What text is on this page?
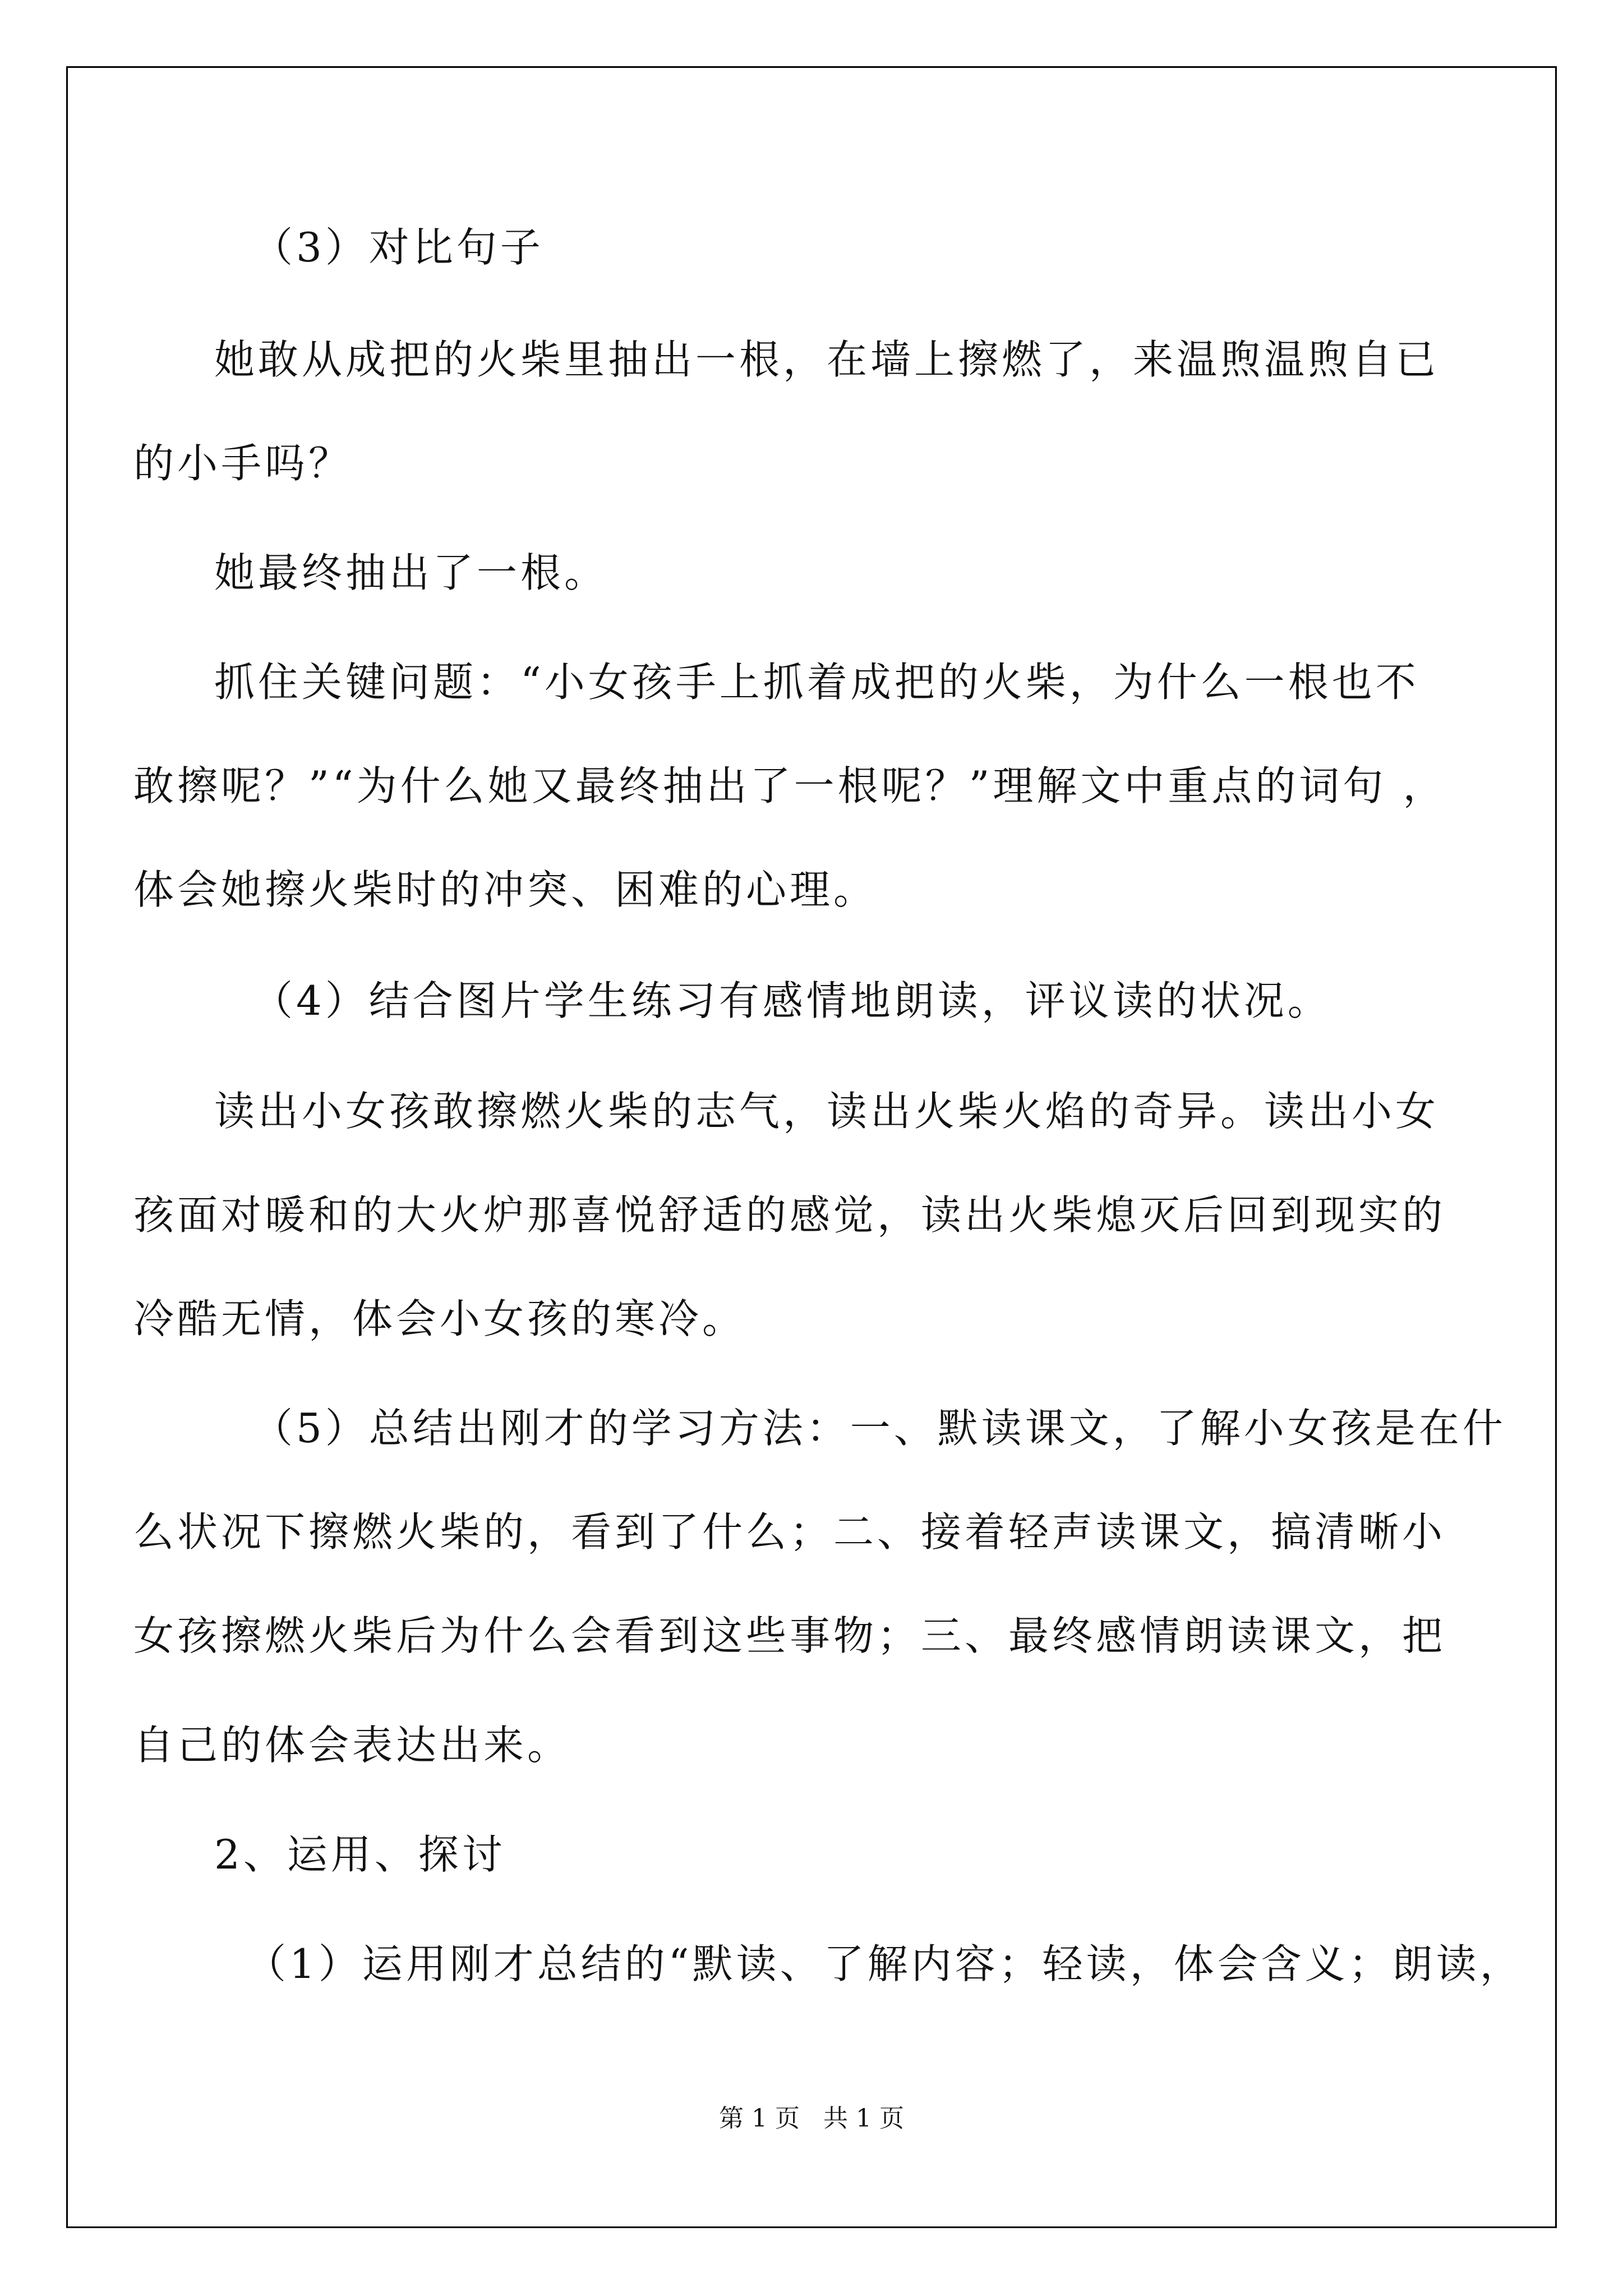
（3）对比句子
她敢从成把的火柴里抽出一根，在墙上擦燃了，来温煦温煦自已
的小手吗？
她最终抽出了一根。
抓住关键问题：“小女孩手上抓着成把的火柴，为什么一根也不
敢擦呢？”“为什么她又最终抽出了一根呢？”理解文中重点的词句 ，
体会她擦火柴时的冲突、困难的心理。
（4）结合图片学生练习有感情地朗读，评议读的状况。
读出小女孩敢擦燃火柴的志气，读出火柴火焰的奇异。读出小女
孩面对暖和的大火炉那喜悦舒适的感觉，读出火柴熄灭后回到现实的
冷酷无情，体会小女孩的寒冷。
（5）总结出刚才的学习方法：一、默读课文，了解小女孩是在什
么状况下擦燃火柴的，看到了什么；二、接着轻声读课文，搞清晰小
女孩擦燃火柴后为什么会看到这些事物；三、最终感情朗读课文，把
自己的体会表达出来。
2、运用、探讨
（1）运用刚才总结的“默读、了解内容；轻读，体会含义；朗读，
第 1 页 共 1 页
